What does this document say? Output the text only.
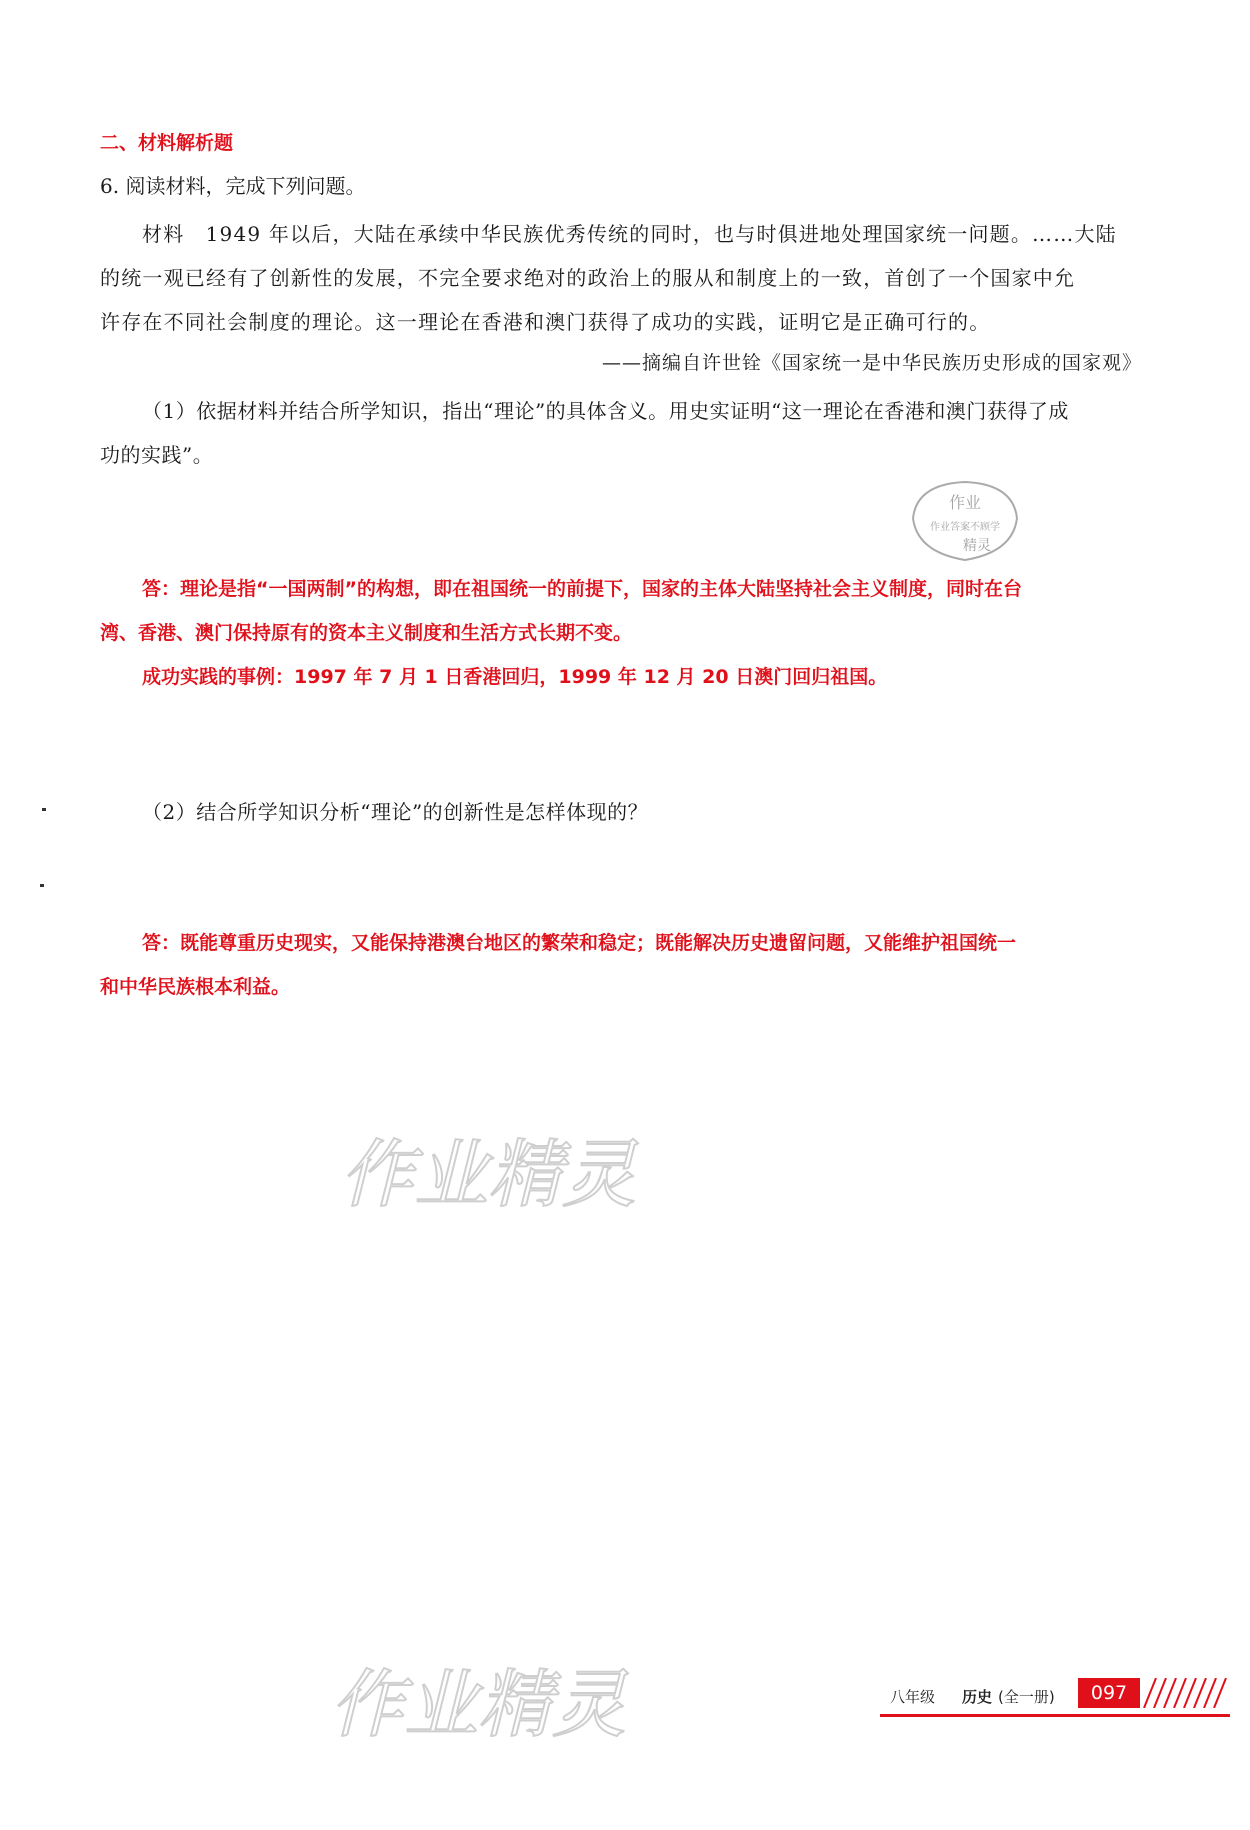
二、材料解析题
6. 阅读材料，完成下列问题。
材料　1949 年以后，大陆在承续中华民族优秀传统的同时，也与时俱进地处理国家统一问题。……大陆
的统一观已经有了创新性的发展，不完全要求绝对的政治上的服从和制度上的一致，首创了一个国家中允
许存在不同社会制度的理论。这一理论在香港和澳门获得了成功的实践，证明它是正确可行的。
——摘编自许世铨《国家统一是中华民族历史形成的国家观》
（1）依据材料并结合所学知识，指出“理论”的具体含义。用史实证明“这一理论在香港和澳门获得了成
功的实践”。
作业
作业答案不顾学
精灵
答：理论是指“一国两制”的构想，即在祖国统一的前提下，国家的主体大陆坚持社会主义制度，同时在台
湾、香港、澳门保持原有的资本主义制度和生活方式长期不变。
成功实践的事例：1997 年 7 月 1 日香港回归，1999 年 12 月 20 日澳门回归祖国。
（2）结合所学知识分析“理论”的创新性是怎样体现的？
答：既能尊重历史现实，又能保持港澳台地区的繁荣和稳定；既能解决历史遗留问题，又能维护祖国统一
和中华民族根本利益。
作业精灵
作业精灵	八年级 历史 (全一册)	097
